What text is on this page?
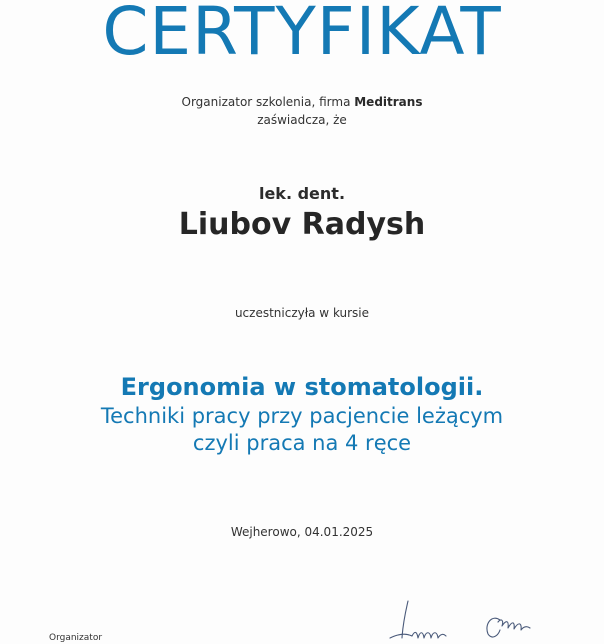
CERTYFIKAT
Organizator szkolenia, firma Meditrans
zaświadcza, że
lek. dent.
Liubov Radysh
uczestniczyła w kursie
Ergonomia w stomatologii.
Techniki pracy przy pacjencie leżącym
czyli praca na 4 ręce
Wejherowo, 04.01.2025
Organizator
